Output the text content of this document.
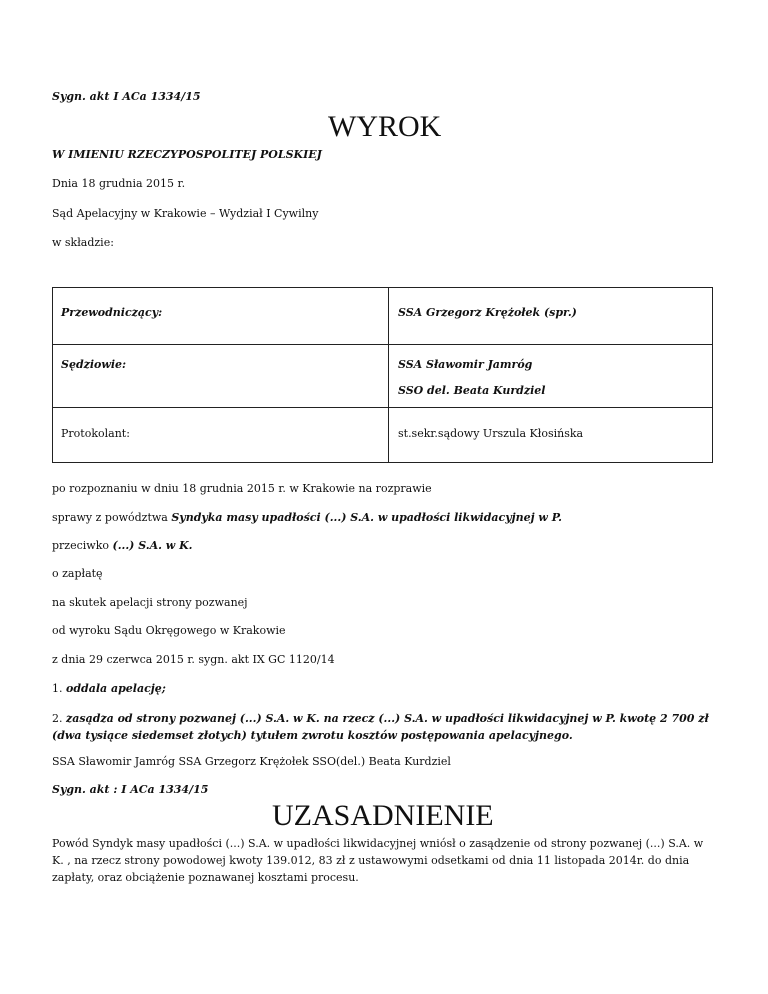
Sygn. akt I ACa 1334/15
WYROK
W IMIENIU RZECZYPOSPOLITEJ POLSKIEJ
Dnia 18 grudnia 2015 r.
Sąd Apelacyjny w Krakowie – Wydział I Cywilny
w składzie:
Przewodniczący:	SSA Grzegorz Krężołek (spr.)

Sędziowie:	SSA Sławomir Jamróg
SSO del. Beata Kurdziel

Protokolant:	st.sekr.sądowy Urszula Kłosińska
po rozpoznaniu w dniu 18 grudnia 2015 r. w Krakowie na rozprawie
sprawy z powództwa Syndyka masy upadłości (...) S.A. w upadłości likwidacyjnej w P.
przeciwko (...) S.A. w K.
o zapłatę
na skutek apelacji strony pozwanej
od wyroku Sądu Okręgowego w Krakowie
z dnia 29 czerwca 2015 r. sygn. akt IX GC 1120/14
1. oddala apelację;
2. zasądza od strony pozwanej (...) S.A. w K. na rzecz (...) S.A. w upadłości likwidacyjnej w P. kwotę 2 700 zł (dwa tysiące siedemset złotych) tytułem zwrotu kosztów postępowania apelacyjnego.
SSA Sławomir Jamróg SSA Grzegorz Krężołek SSO(del.) Beata Kurdziel
Sygn. akt : I ACa 1334/15
UZASADNIENIE
Powód Syndyk masy upadłości (...) S.A. w upadłości likwidacyjnej wniósł o zasądzenie od strony pozwanej (...) S.A. w K. , na rzecz strony powodowej kwoty 139.012, 83 zł z ustawowymi odsetkami od dnia 11 listopada 2014r. do dnia zapłaty, oraz obciążenie poznawanej kosztami procesu.
